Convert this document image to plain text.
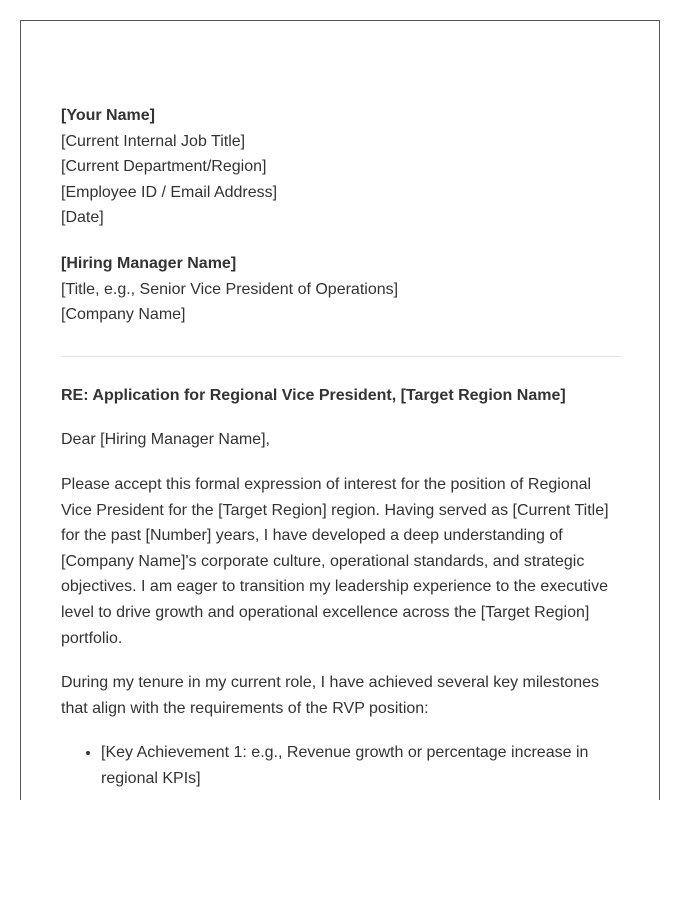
[Your Name]
[Current Internal Job Title]
[Current Department/Region]
[Employee ID / Email Address]
[Date]
[Hiring Manager Name]
[Title, e.g., Senior Vice President of Operations]
[Company Name]

RE: Application for Regional Vice President, [Target Region Name]

Dear [Hiring Manager Name],

Please accept this formal expression of interest for the position of Regional Vice President for the [Target Region] region. Having served as [Current Title] for the past [Number] years, I have developed a deep understanding of [Company Name]'s corporate culture, operational standards, and strategic objectives. I am eager to transition my leadership experience to the executive level to drive growth and operational excellence across the [Target Region] portfolio.

During my tenure in my current role, I have achieved several key milestones that align with the requirements of the RVP position:

• [Key Achievement 1: e.g., Revenue growth or percentage increase in regional KPIs]
